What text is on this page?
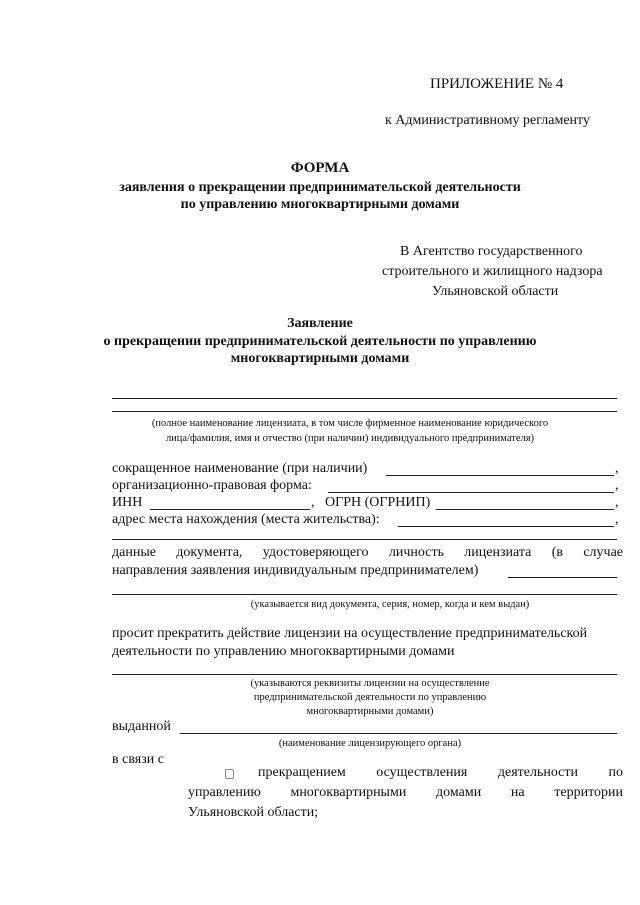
ПРИЛОЖЕНИЕ № 4
к Административному регламенту
ФОРМА
заявления о прекращении предпринимательской деятельности
по управлению многоквартирными домами
В Агентство государственного
строительного и жилищного надзора
Ульяновской области
Заявление
о прекращении предпринимательской деятельности по управлению
многоквартирными домами
(полное наименование лицензиата, в том числе фирменное наименование юридического
лица/фамилия, имя и отчество (при наличии) индивидуального предпринимателя)
сокращенное наименование (при наличии)	,
организационно-правовая форма:	,
ИНН	, ОГРН (ОГРНИП)	,
адрес места нахождения (места жительства):	,
данные документа, удостоверяющего личность лицензиата (в случае
направления заявления индивидуальным предпринимателем)
(указывается вид документа, серия, номер, когда и кем выдан)
просит прекратить действие лицензии на осуществление предпринимательской
деятельности по управлению многоквартирными домами
(указываются реквизиты лицензии на осуществление
предпринимательской деятельности по управлению
многоквартирными домами)
выданной
(наименование лицензирующего органа)
в связи с
прекращением осуществления деятельности по
управлению многоквартирными домами на территории
Ульяновской области;
